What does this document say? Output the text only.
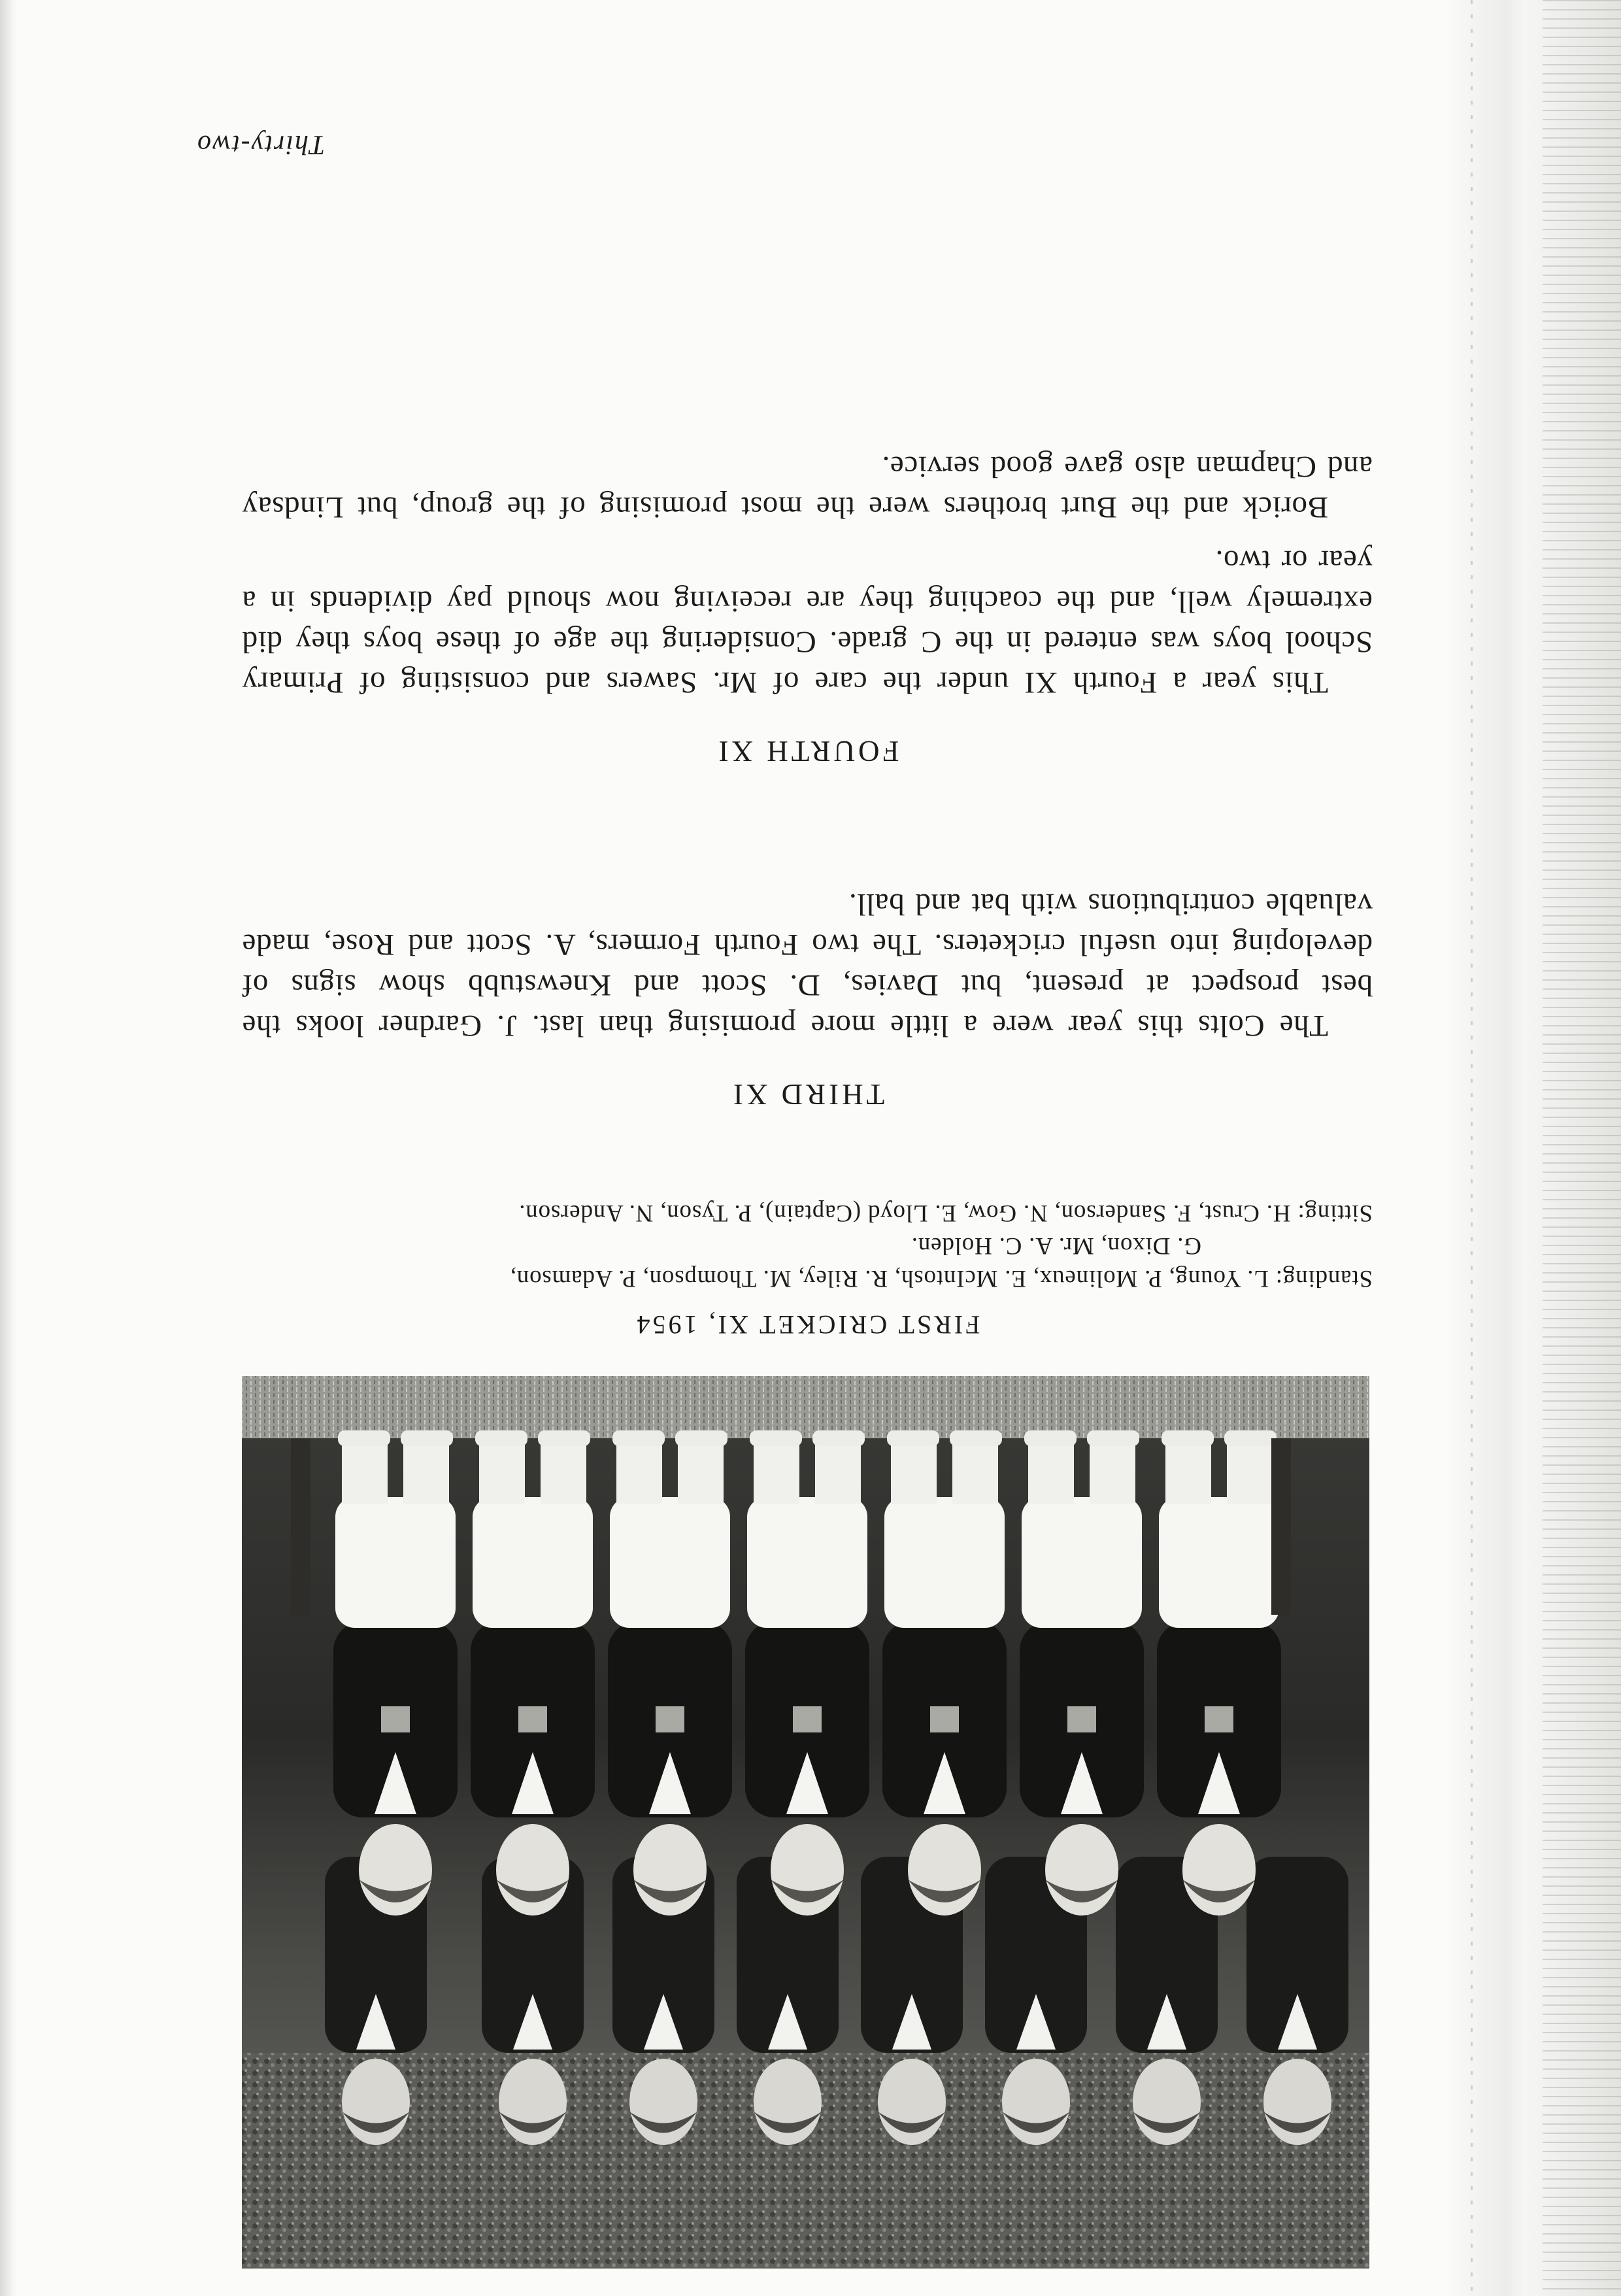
FIRST CRICKET XI, 1954
Standing: L. Young, P. Molineux, E. McIntosh, R. Riley, M. Thompson, P. Adamson,
G. Dixon, Mr. A. C. Holden.
Sitting: H. Crust, F. Sanderson, N. Gow, E. Lloyd (Captain), P. Tyson, N. Anderson.
THIRD XI

The Colts this year were a little more promising than last. J. Gardner looks the best prospect at present, but Davies, D. Scott and Knewstubb show signs of developing into useful cricketers. The two Fourth Formers, A. Scott and Rose, made valuable contributions with bat and ball.

FOURTH XI

This year a Fourth XI under the care of Mr. Sawers and consisting of Primary School boys was entered in the C grade. Considering the age of these boys they did extremely well, and the coaching they are receiving now should pay dividends in a year or two.

Borick and the Burt brothers were the most promising of the group, but Lindsay and Chapman also gave good service.

Thirty-two
